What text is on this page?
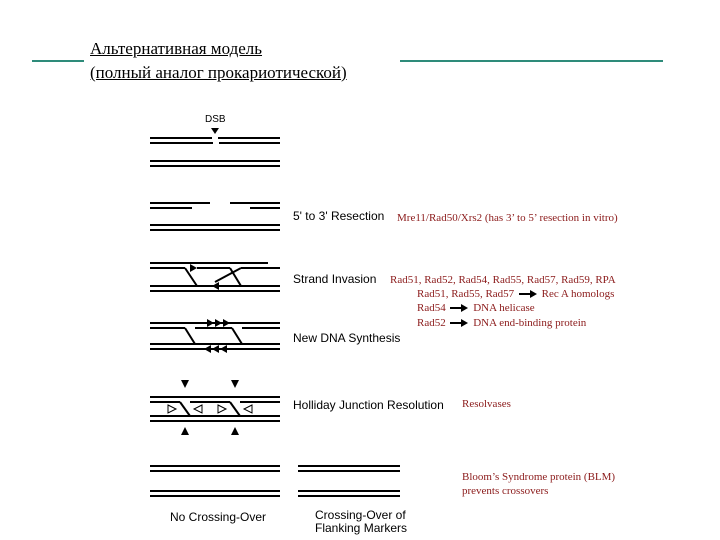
Альтернативная модель
(полный аналог прокариотической)
DSB
5' to 3' Resection
Strand Invasion
New DNA Synthesis
Holliday Junction Resolution
No Crossing-Over	Crossing-Over of
Flanking Markers
Mre11/Rad50/Xrs2 (has 3’ to 5’ resection in vitro)
Rad51, Rad52, Rad54, Rad55, Rad57, Rad59, RPA
Rad51, Rad55, Rad57	Rec A homologs
Rad54	DNA helicase
Rad52	DNA end-binding protein
Resolvases
Bloom’s Syndrome protein (BLM)
prevents crossovers
